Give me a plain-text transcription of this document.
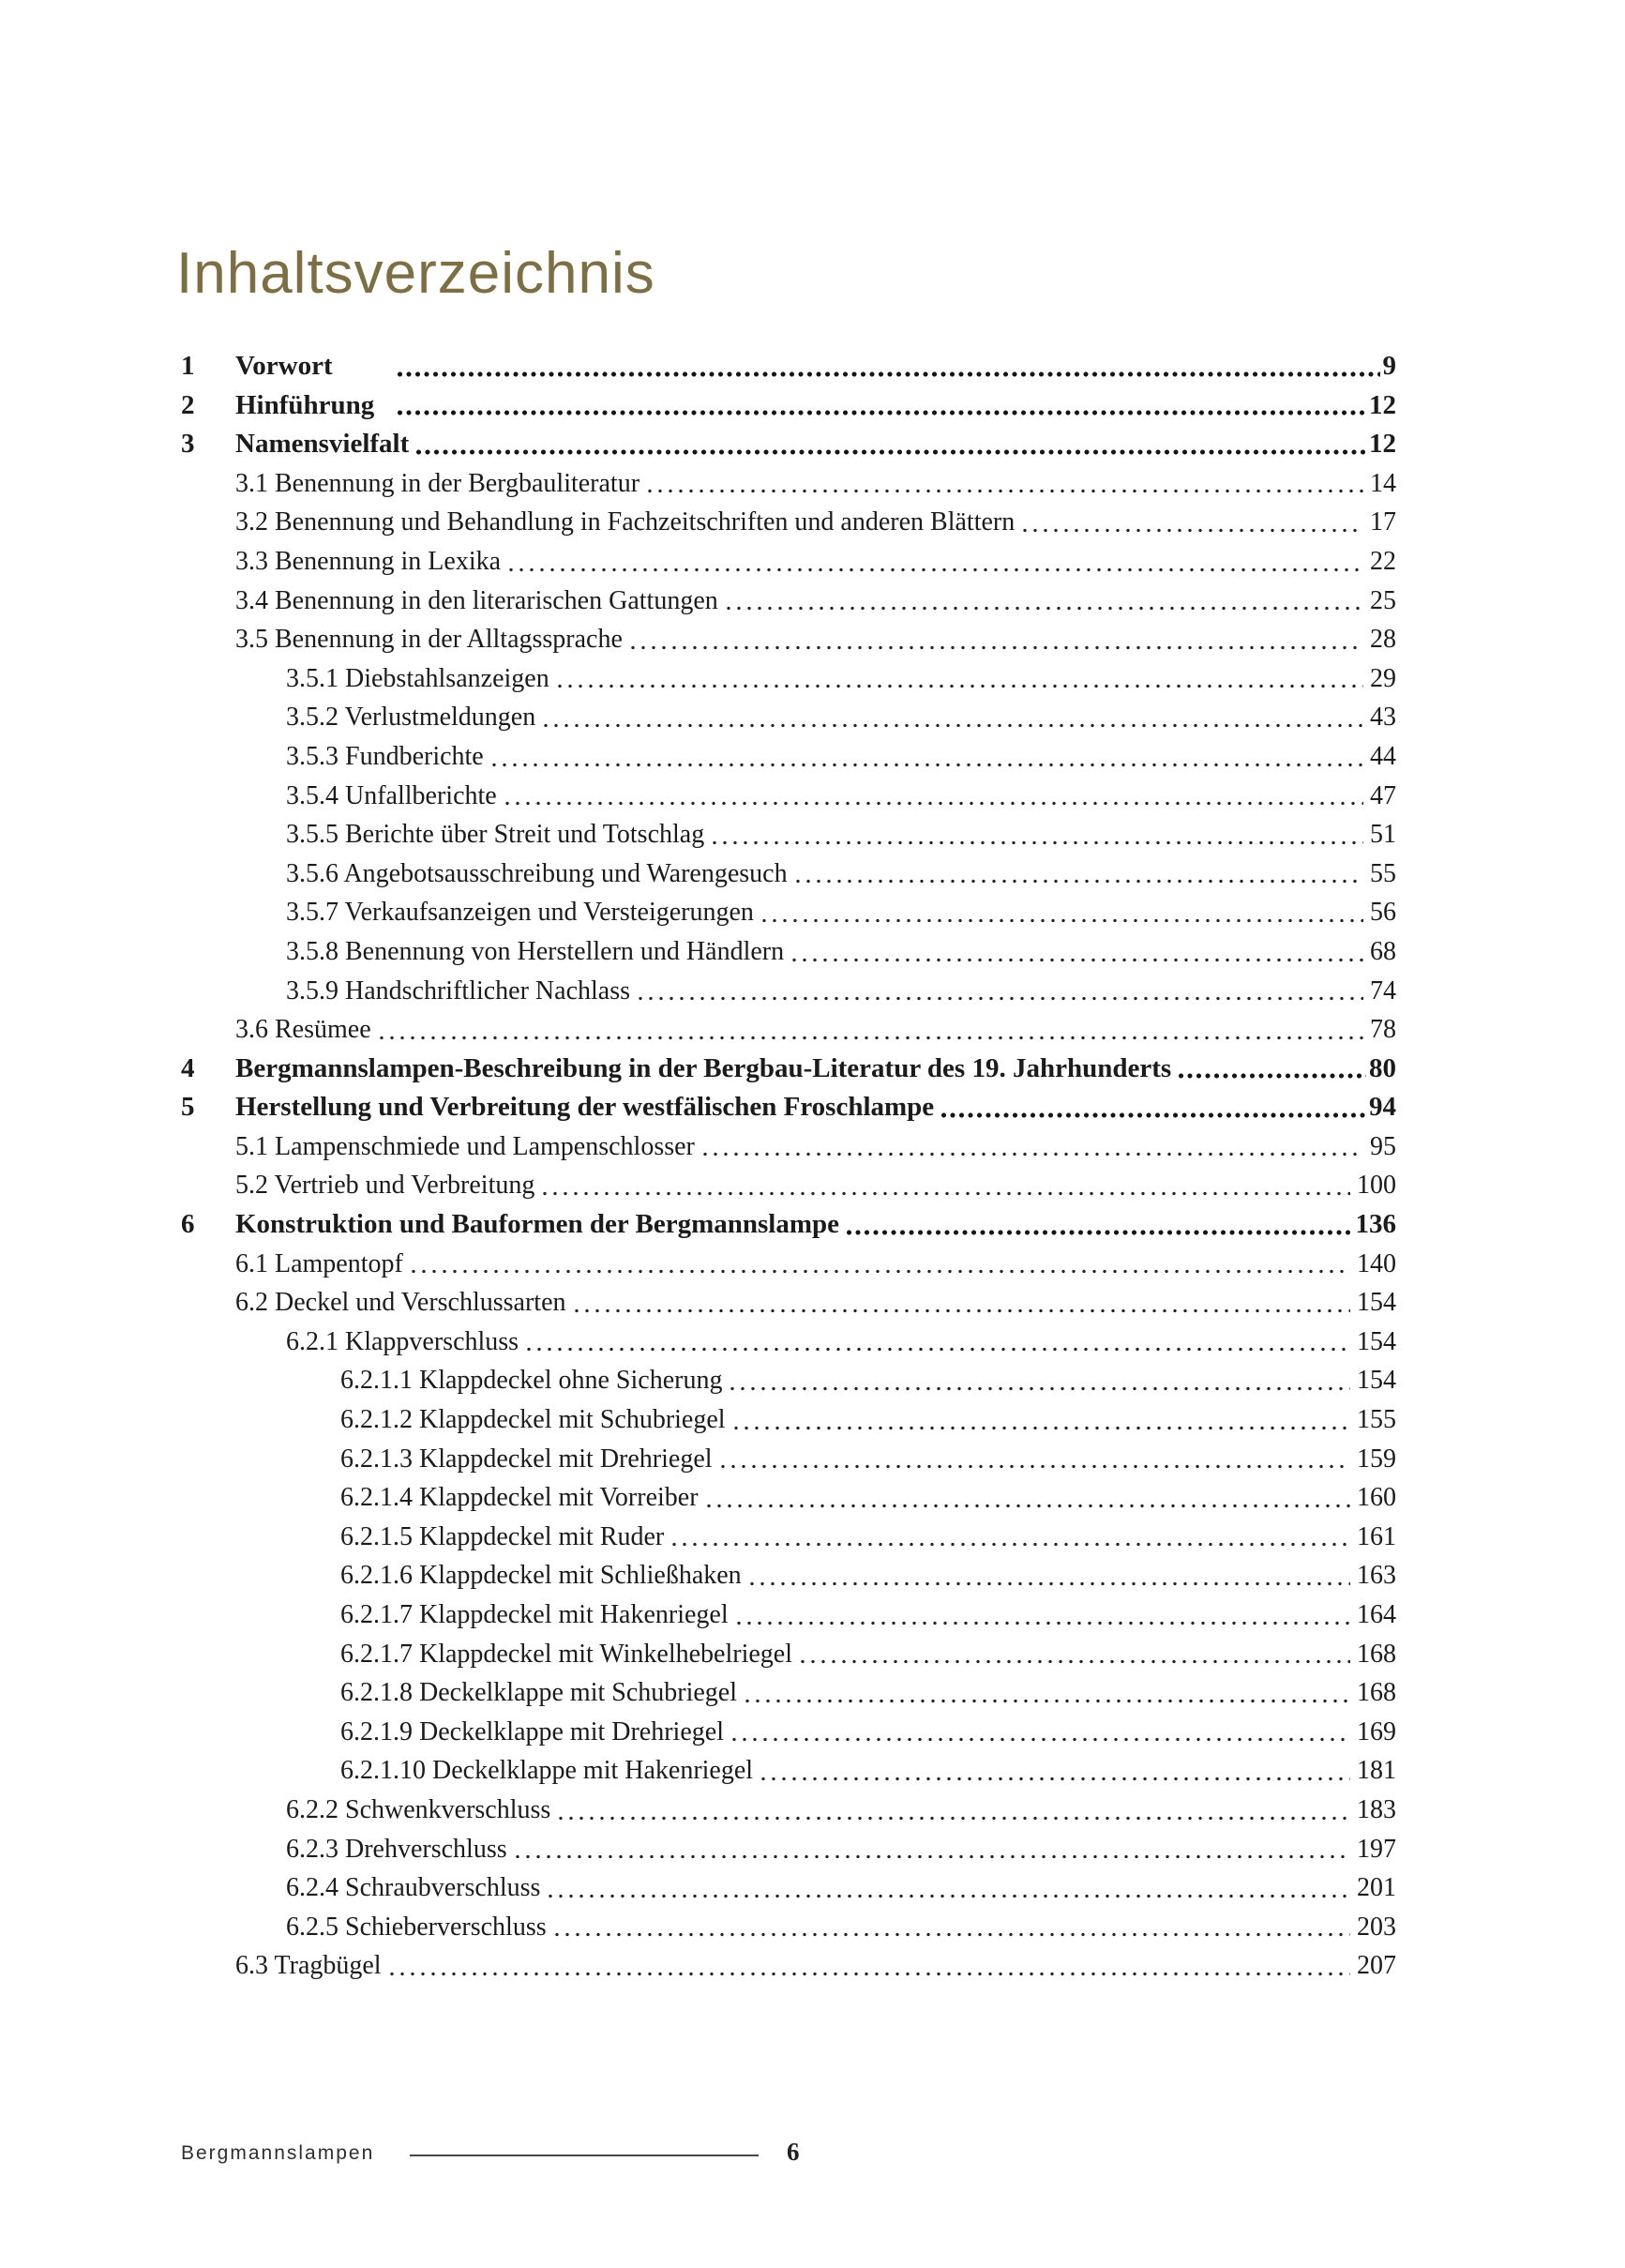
Inhaltsverzeichnis
1	Vorwort	9
2	Hinführung	12
3	Namensvielfalt	12
3.1 Benennung in der Bergbauliteratur	14
3.2 Benennung und Behandlung in Fachzeitschriften und anderen Blättern	17
3.3 Benennung in Lexika	22
3.4 Benennung in den literarischen Gattungen	25
3.5 Benennung in der Alltagssprache	28
3.5.1 Diebstahlsanzeigen	29
3.5.2 Verlustmeldungen	43
3.5.3 Fundberichte	44
3.5.4 Unfallberichte	47
3.5.5 Berichte über Streit und Totschlag	51
3.5.6 Angebotsausschreibung und Warengesuch	55
3.5.7 Verkaufsanzeigen und Versteigerungen	56
3.5.8 Benennung von Herstellern und Händlern	68
3.5.9 Handschriftlicher Nachlass	74
3.6 Resümee	78
4	Bergmannslampen-Beschreibung in der Bergbau-Literatur des 19. Jahrhunderts	80
5	Herstellung und Verbreitung der westfälischen Froschlampe	94
5.1 Lampenschmiede und Lampenschlosser	95
5.2 Vertrieb und Verbreitung	100
6	Konstruktion und Bauformen der Bergmannslampe	136
6.1 Lampentopf	140
6.2 Deckel und Verschlussarten	154
6.2.1 Klappverschluss	154
6.2.1.1 Klappdeckel ohne Sicherung	154
6.2.1.2 Klappdeckel mit Schubriegel	155
6.2.1.3 Klappdeckel mit Drehriegel	159
6.2.1.4 Klappdeckel mit Vorreiber	160
6.2.1.5 Klappdeckel mit Ruder	161
6.2.1.6 Klappdeckel mit Schließhaken	163
6.2.1.7 Klappdeckel mit Hakenriegel	164
6.2.1.7 Klappdeckel mit Winkelhebelriegel	168
6.2.1.8 Deckelklappe mit Schubriegel	168
6.2.1.9 Deckelklappe mit Drehriegel	169
6.2.1.10 Deckelklappe mit Hakenriegel	181
6.2.2 Schwenkverschluss	183
6.2.3 Drehverschluss	197
6.2.4 Schraubverschluss	201
6.2.5 Schieberverschluss	203
6.3 Tragbügel	207
Bergmannslampen	6
